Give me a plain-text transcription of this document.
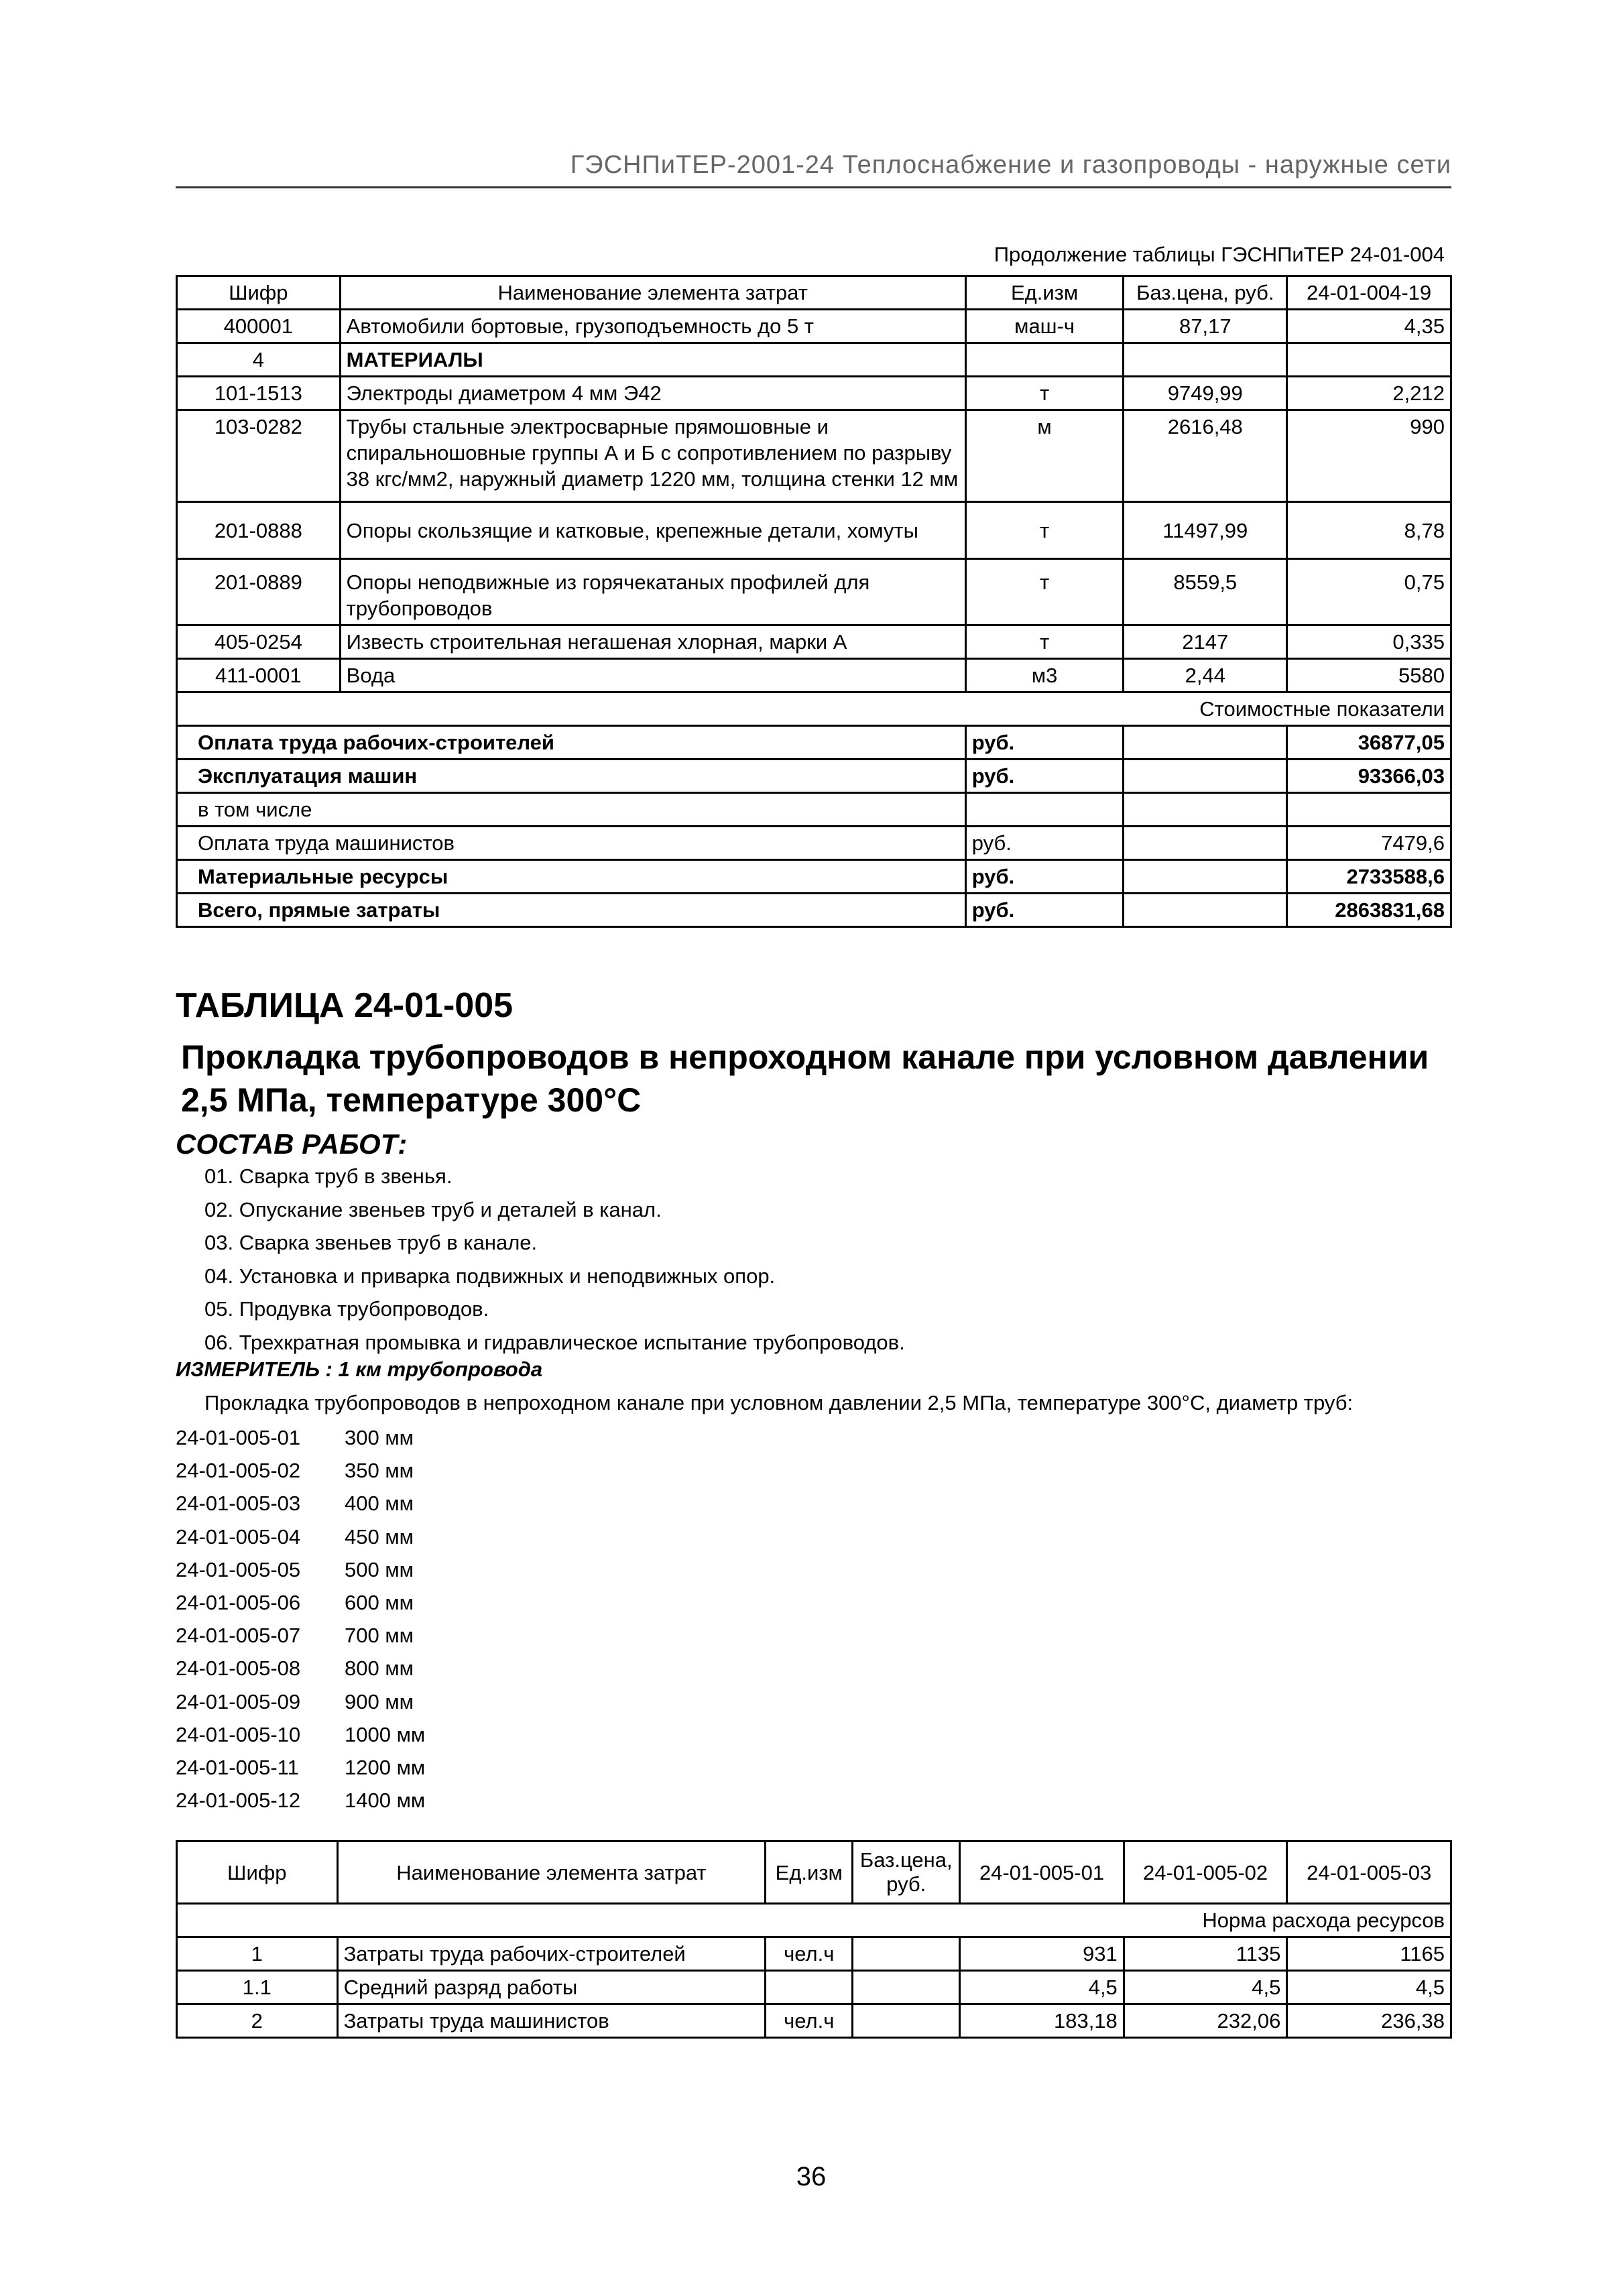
ГЭСНПиТЕР-2001-24 Теплоснабжение и газопроводы - наружные сети
Продолжение таблицы ГЭСНПиТЕР 24-01-004
Шифр	Наименование элемента затрат	Ед.изм	Баз.цена, руб.	24-01-004-19
400001	Автомобили бортовые, грузоподъемность до 5 т	маш-ч	87,17	4,35
4	МАТЕРИАЛЫ			
101-1513	Электроды диаметром 4 мм Э42	т	9749,99	2,212
103-0282	Трубы стальные электросварные прямошовные и спиральношовные группы А и Б с сопротивлением по разрыву 38 кгс/мм2, наружный диаметр 1220 мм, толщина стенки 12 мм	м	2616,48	990
201-0888	Опоры скользящие и катковые, крепежные детали, хомуты	т	11497,99	8,78
201-0889	Опоры неподвижные из горячекатаных профилей для трубопроводов	т	8559,5	0,75
405-0254	Известь строительная негашеная хлорная, марки А	т	2147	0,335
411-0001	Вода	м3	2,44	5580
Стоимостные показатели				
Оплата труда рабочих-строителей		руб.		36877,05
Эксплуатация машин		руб.		93366,03
в том числе				
Оплата труда машинистов		руб.		7479,6
Материальные ресурсы		руб.		2733588,6
Всего, прямые затраты		руб.		2863831,68
ТАБЛИЦА 24-01-005
Прокладка трубопроводов в непроходном канале при условном давлении 2,5 МПа, температуре 300°C
СОСТАВ РАБОТ:
01. Сварка труб в звенья.
02. Опускание звеньев труб и деталей в канал.
03. Сварка звеньев труб в канале.
04. Установка и приварка подвижных и неподвижных опор.
05. Продувка трубопроводов.
06. Трехкратная промывка и гидравлическое испытание трубопроводов.
ИЗМЕРИТЕЛЬ : 1 км трубопровода
Прокладка трубопроводов в непроходном канале при условном давлении 2,5 МПа, температуре 300°C, диаметр труб:
24-01-005-01 300 мм
24-01-005-02 350 мм
24-01-005-03 400 мм
24-01-005-04 450 мм
24-01-005-05 500 мм
24-01-005-06 600 мм
24-01-005-07 700 мм
24-01-005-08 800 мм
24-01-005-09 900 мм
24-01-005-10 1000 мм
24-01-005-11 1200 мм
24-01-005-12 1400 мм
Шифр	Наименование элемента затрат	Ед.изм	Баз.цена, руб.	24-01-005-01	24-01-005-02	24-01-005-03
Норма расхода ресурсов						
1	Затраты труда рабочих-строителей	чел.ч		931	1135	1165
1.1	Средний разряд работы			4,5	4,5	4,5
2	Затраты труда машинистов	чел.ч		183,18	232,06	236,38
36
